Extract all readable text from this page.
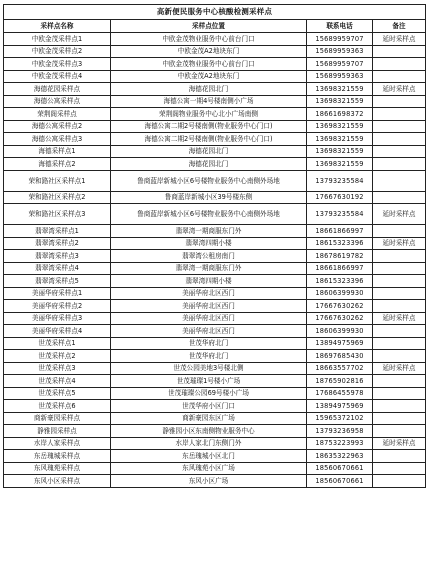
高新便民服务中心核酸检测采样点			
采样点名称	采样点位置	联系电话	备注
中欧金茂采样点1	中欧金茂物业服务中心前台门口	15689959707	延时采样点
中欧金茂采样点2	中欧金茂A2地块东门	15689959363	
中欧金茂采样点3	中欧金茂物业服务中心前台门口	15689959707	
中欧金茂采样点4	中欧金茂A2地块东门	15689959363	
海德花园采样点	海德花园北门	13698321559	延时采样点
海德公寓采样点	海德公寓一期4号楼南侧小广场	13698321559	
荣荆阁采样点	荣荆阁物业服务中心北小广场南侧	18661698372	
海德公寓采样点2	海德公寓二期2号楼南侧(物业服务中心门口)	13698321559	
海德公寓采样点3	海德公寓二期2号楼南侧(物业服务中心门口)	13698321559	
海德采样点1	海德花园北门	13698321559	
海德采样点2	海德花园北门	13698321559	
荣和路社区采样点1	鲁商蓝岸新城小区6号楼物业服务中心南侧外场地	13793235584	
荣和路社区采样点2	鲁商蓝岸新城小区39号楼东侧	17667630192	
荣和路社区采样点3	鲁商蓝岸新城小区6号楼物业服务中心南侧外场地	13793235584	延时采样点
翡翠湾采样点1	翡翠湾一期商服东门外	18661866997	
翡翠湾采样点2	翡翠湾四期小楼	18615323396	延时采样点
翡翠湾采样点3	翡翠湾公租房南门	18678619782	
翡翠湾采样点4	翡翠湾一期商服东门外	18661866997	
翡翠湾采样点5	翡翠湾四期小楼	18615323396	
美丽华府采样点1	美丽华府北区西门	18606399930	
美丽华府采样点2	美丽华府北区西门	17667630262	
美丽华府采样点3	美丽华府北区西门	17667630262	延时采样点
美丽华府采样点4	美丽华府北区西门	18606399930	
世茂采样点1	世茂华府北门	13894975969	
世茂采样点2	世茂华府北门	18697685430	
世茂采样点3	世茂公园美地3号楼北侧	18663557702	延时采样点
世茂采样点4	世茂璀璨1号楼小广场	18765902816	
世茂采样点5	世茂璀璨公园69号楼小广场	17686455978	
世茂采样点6	世茂华府小区门口	13894975969	
商新豪园采样点	商新豪园东区广场	15965372102	
静雅园采样点	静雅园小区东南侧物业服务中心	13793236958	
水岸人家采样点	水岸人家北门东侧门外	18753223993	延时采样点
东岳瑰城采样点	东岳瑰城小区北门	18635322963	
东风瑰苑采样点	东风瑰苑小区广场	18560670661	
东风小区采样点	东风小区广场	18560670661	
